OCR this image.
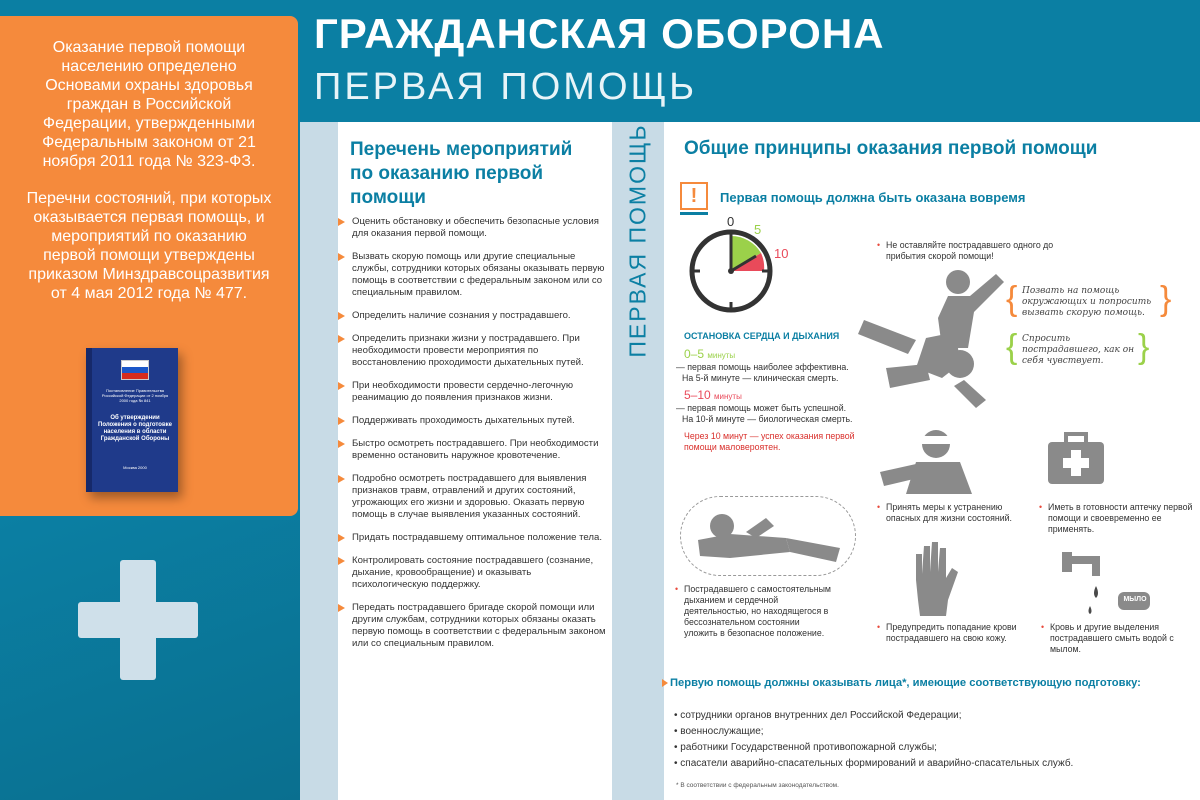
ГРАЖДАНСКАЯ ОБОРОНА
ПЕРВАЯ ПОМОЩЬ

Оказание первой помощи населению определено Основами охраны здоровья граждан в Российской Федерации, утвержденными Федеральным законом от 21 ноября 2011 года № 323-ФЗ.

Перечни состояний, при которых оказывается первая помощь, и мероприятий по оказанию первой помощи утверждены приказом Минздравсоцразвития от 4 мая 2012 года № 477.

Постановление Правительства Российской Федерации от 2 ноября 2000 года № 841
Об утверждении Положения о подготовке населения в области Гражданской Обороны
Москва 2000
Перечень мероприятий по оказанию первой помощи
Оценить обстановку и обеспечить безопасные условия для оказания первой помощи.
Вызвать скорую помощь или другие специальные службы, сотрудники которых обязаны оказывать первую помощь в соответствии с федеральным законом или со специальным правилом.
Определить наличие сознания у пострадавшего.
Определить признаки жизни у пострадавшего. При необходимости провести мероприятия по восстановлению проходимости дыхательных путей.
При необходимости провести сердечно-легочную реанимацию до появления признаков жизни.
Поддерживать проходимость дыхательных путей.
Быстро осмотреть пострадавшего. При необходимости временно остановить наружное кровотечение.
Подробно осмотреть пострадавшего для выявления признаков травм, отравлений и других состояний, угрожающих его жизни и здоровью. Оказать первую помощь в случае выявления указанных состояний.
Придать пострадавшему оптимальное положение тела.
Контролировать состояние пострадавшего (сознание, дыхание, кровообращение) и оказывать психологическую поддержку.
Передать пострадавшего бригаде скорой помощи или другим службам, сотрудники которых обязаны оказать первую помощь в соответствии с федеральным законом или со специальным правилом.
ПЕРВАЯ ПОМОЩЬ Общие принципы оказания первой помощи
!	Первая помощь должна быть оказана вовремя
0
5
10
ОСТАНОВКА СЕРДЦА И ДЫХАНИЯ
0–5 минуты
— первая помощь наиболее эффективна.
На 5-й минуте — клиническая смерть.
5–10 минуты
— первая помощь может быть успешной.
На 10-й минуте — биологическая смерть.
Через 10 минут — успех оказания первой помощи маловероятен.
• Не оставляйте пострадавшего одного до прибытия скорой помощи!
{ Позвать на помощь окружающих и попросить вызвать скорую помощь. }
{ Спросить пострадавшего, как он себя чувствует.	}
• Пострадавшего с самостоятельным дыханием и сердечной деятельностью, но находящегося в бессознательном состоянии уложить в безопасное положение.
• Принять меры к устранению опасных для жизни состояний.
• Иметь в готовности аптечку первой помощи и своевременно ее применять.
• Предупредить попадание крови пострадавшего на свою кожу.
МЫЛО
• Кровь и другие выделения пострадавшего смыть водой с мылом.
Первую помощь должны оказывать лица*, имеющие соответствующую подготовку:
• сотрудники органов внутренних дел Российской Федерации;
• военнослужащие;
• работники Государственной противопожарной службы;
• спасатели аварийно-спасательных формирований и аварийно-спасательных служб.
* В соответствии с федеральным законодательством.
